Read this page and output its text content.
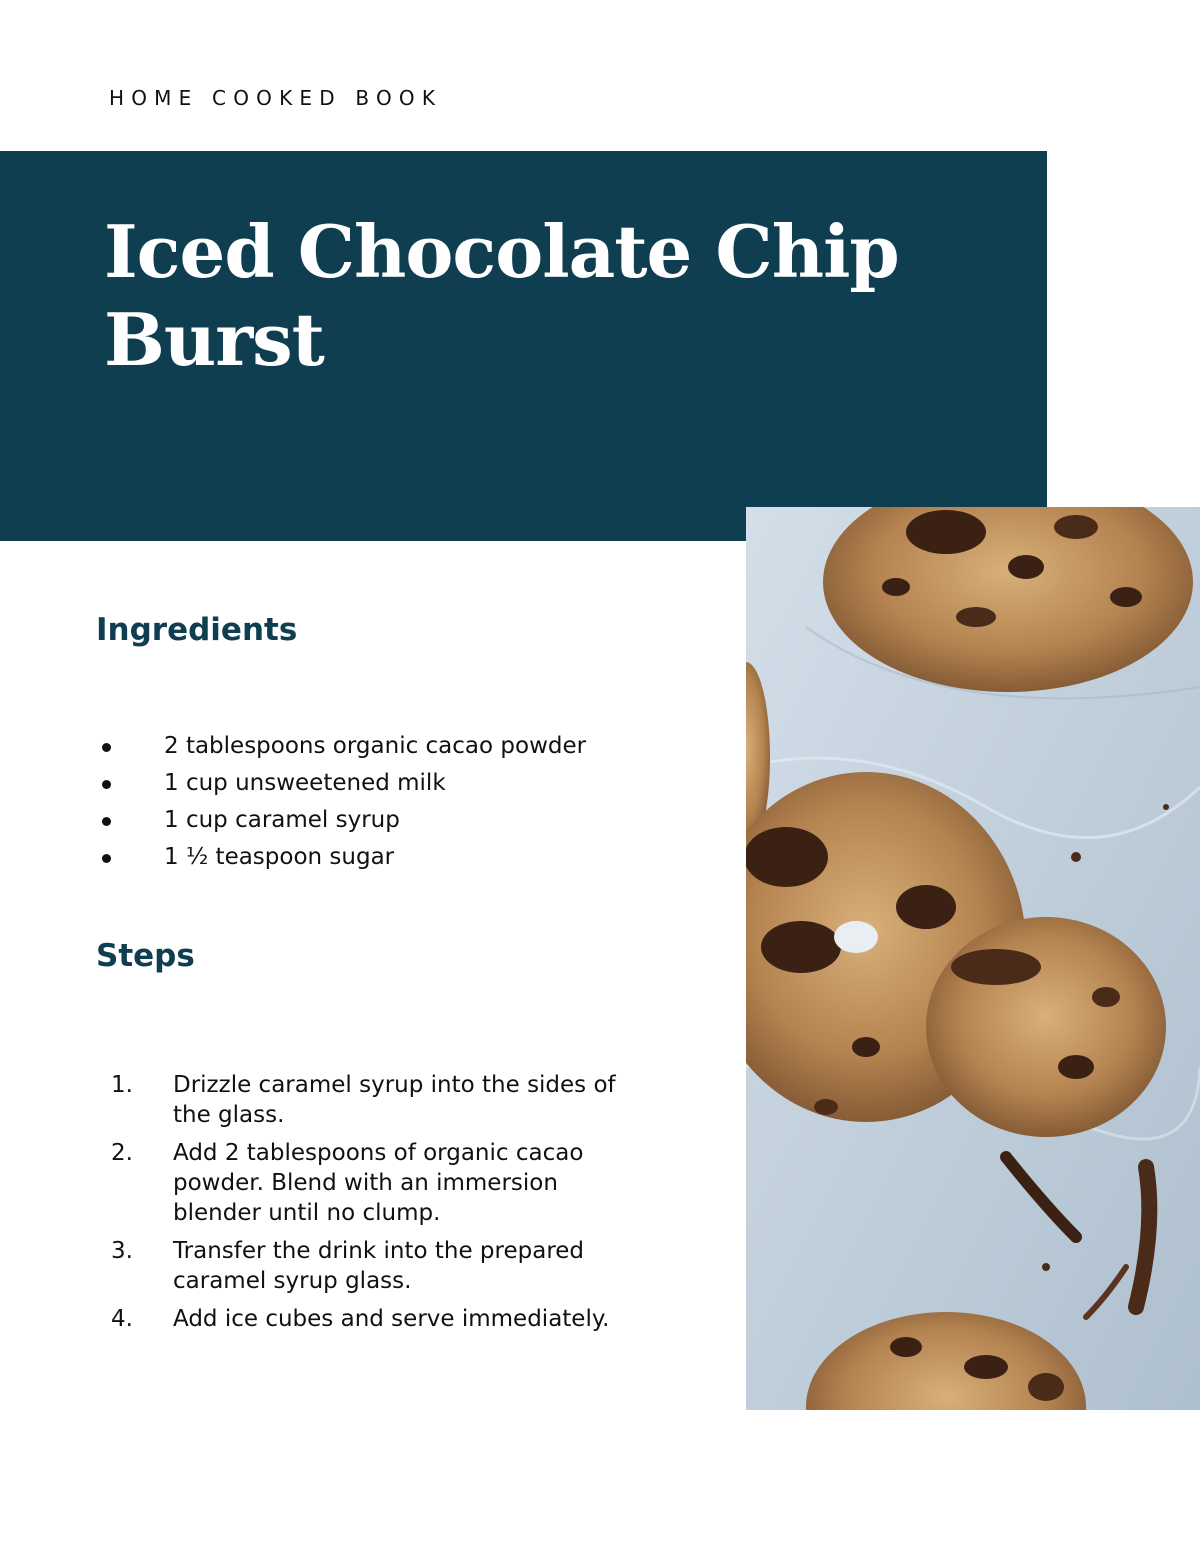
HOME COOKED BOOK
Iced Chocolate Chip Burst
Ingredients
2 tablespoons organic cacao powder
1 cup unsweetened milk
1 cup caramel syrup
1 ½ teaspoon sugar
Steps
1. Drizzle caramel syrup into the sides of the glass.
2. Add 2 tablespoons of organic cacao powder. Blend with an immersion blender until no clump.
3. Transfer the drink into the prepared caramel syrup glass.
4. Add ice cubes and serve immediately.
